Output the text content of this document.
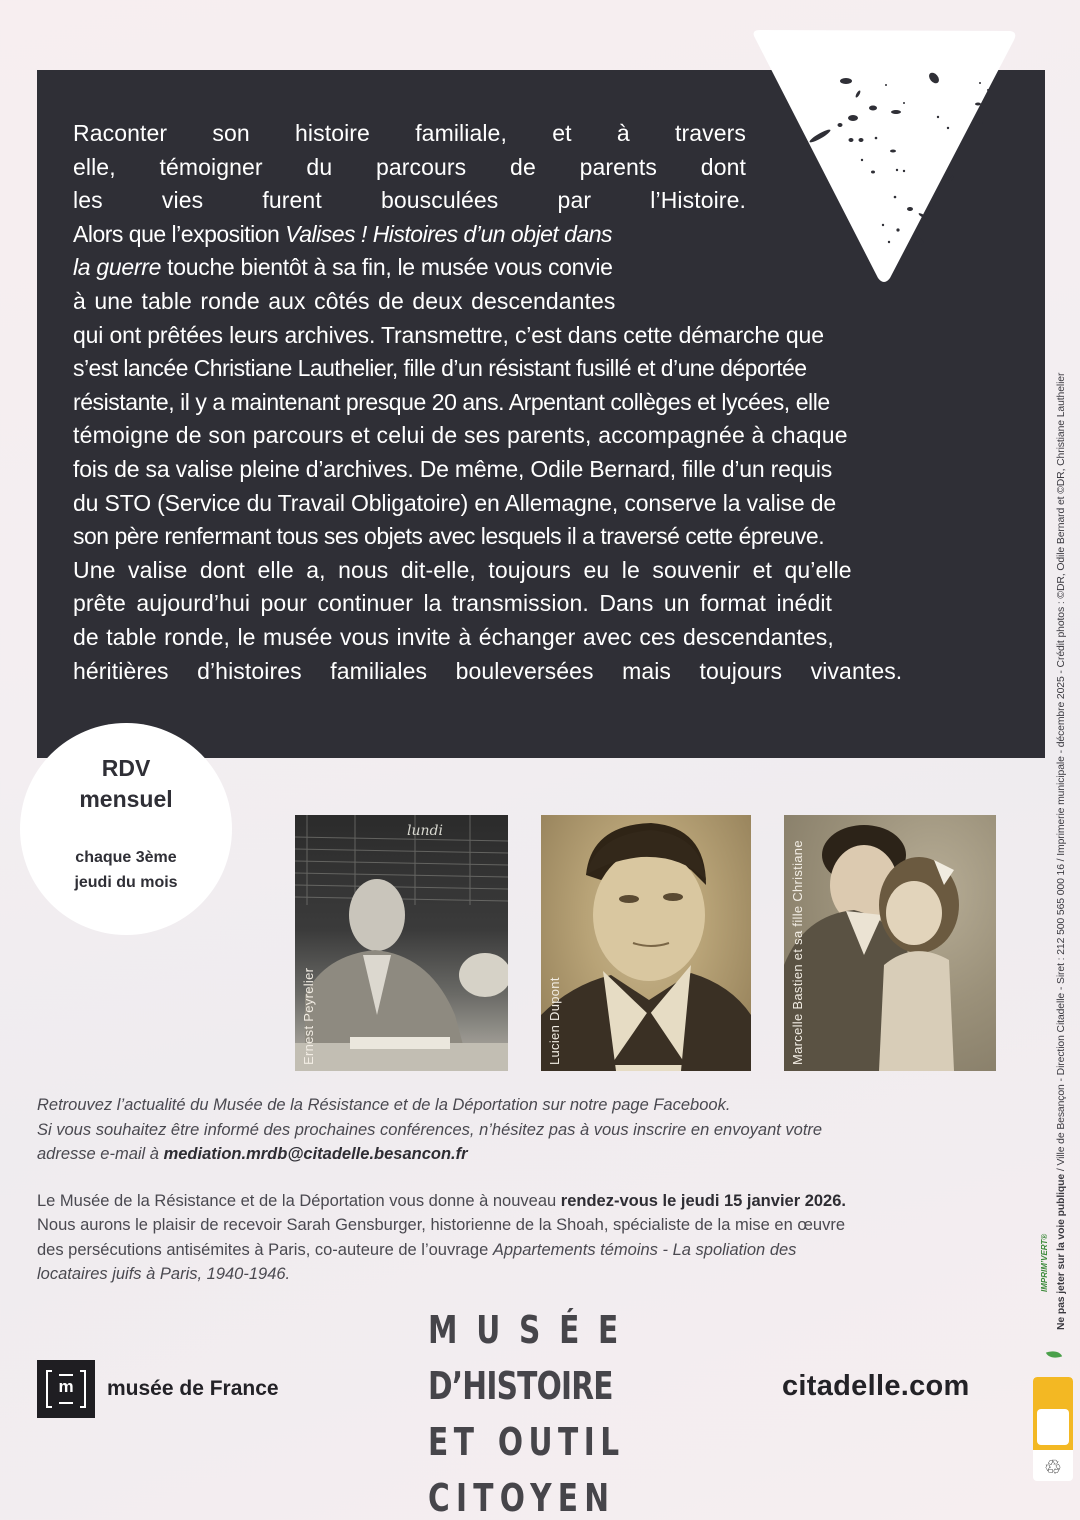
Raconter son histoire familiale, et à travers
elle, témoigner du parcours de parents dont
les	vies	furent	bousculées	par	l’Histoire.
Alors que l’exposition Valises ! Histoires d’un objet dans
la guerre touche bientôt à sa fin, le musée vous convie
à une table ronde aux côtés de deux descendantes
qui ont prêtées leurs archives. Transmettre, c’est dans cette démarche que
s’est lancée Christiane Lauthelier, fille d’un résistant fusillé et d’une déportée
résistante, il y a maintenant presque 20 ans. Arpentant collèges et lycées, elle
témoigne de son parcours et celui de ses parents, accompagnée à chaque
fois de sa valise pleine d’archives. De même, Odile Bernard, fille d’un requis
du STO (Service du Travail Obligatoire) en Allemagne, conserve la valise de
son père renfermant tous ses objets avec lesquels il a traversé cette épreuve.
Une valise dont elle a, nous dit-elle, toujours eu le souvenir et qu’elle
prête aujourd’hui pour continuer la transmission. Dans un format inédit
de table ronde, le musée vous invite à échanger avec ces descendantes,
héritières d’histoires familiales bouleversées mais toujours vivantes.
RDV
mensuel
chaque 3ème
jeudi du mois
lundi
Ernest Peyrelier	Lucien Dupont	Marcelle Bastien et sa fille Christiane

Retrouvez l’actualité du Musée de la Résistance et de la Déportation sur notre page Facebook.
Si vous souhaitez être informé des prochaines conférences, n’hésitez pas à vous inscrire en envoyant votre
adresse e-mail à mediation.mrdb@citadelle.besancon.fr

Le Musée de la Résistance et de la Déportation vous donne à nouveau rendez-vous le jeudi 15 janvier 2026.
Nous aurons le plaisir de recevoir Sarah Gensburger, historienne de la Shoah, spécialiste de la mise en œuvre
des persécutions antisémites à Paris, co-auteure de l’ouvrage Appartements témoins - La spoliation des
locataires juifs à Paris, 1940-1946.

m	musée de France
MUSÉE
D’HISTOIRE
ET OUTIL
CITOYEN
citadelle.com
Ne pas jeter sur la voie publique / Ville de Besançon - Direction Citadelle - Siret : 212 500 565 000 16 / Imprimerie municipale - décembre 2025 - Crédit photos : ©DR, Odile Bernard et ©DR, Christiane Lauthelier
IMPRIM’VERT®
♲
